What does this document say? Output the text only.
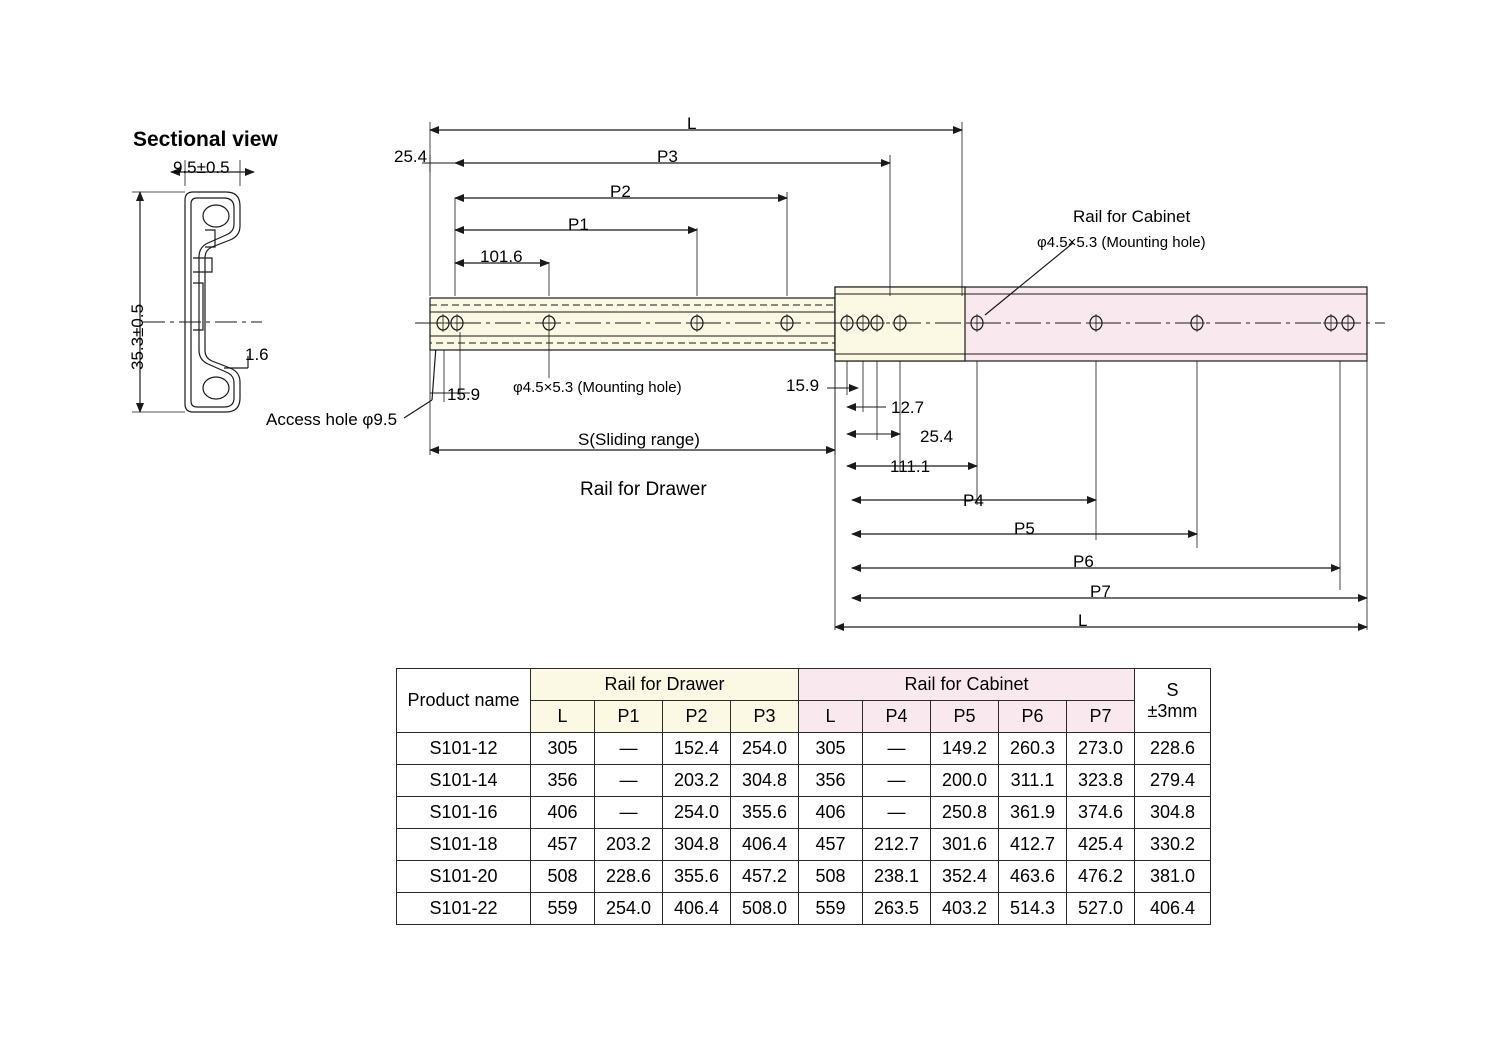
Sectional view
9.5±0.5
35.3±0.5	1.6
Access hole φ9.5
L
25.4	P3
P2
P1
101.6
Rail for Cabinet
φ4.5×5.3 (Mounting hole)
15.9 φ4.5×5.3 (Mounting hole)	15.9
12.7
25.4
111.1
S(Sliding range)
Rail for Drawer
P4
P5
P6
P7
L
Product name	Rail for Drawer				Rail for Cabinet					S
±3mm

	L	P1	P2	P3	L	P4	P5	P6	P7	
S101-12	305	—	152.4	254.0	305	—	149.2	260.3	273.0	228.6
S101-14	356	—	203.2	304.8	356	—	200.0	311.1	323.8	279.4
S101-16	406	—	254.0	355.6	406	—	250.8	361.9	374.6	304.8
S101-18	457	203.2	304.8	406.4	457	212.7	301.6	412.7	425.4	330.2
S101-20	508	228.6	355.6	457.2	508	238.1	352.4	463.6	476.2	381.0
S101-22	559	254.0	406.4	508.0	559	263.5	403.2	514.3	527.0	406.4
